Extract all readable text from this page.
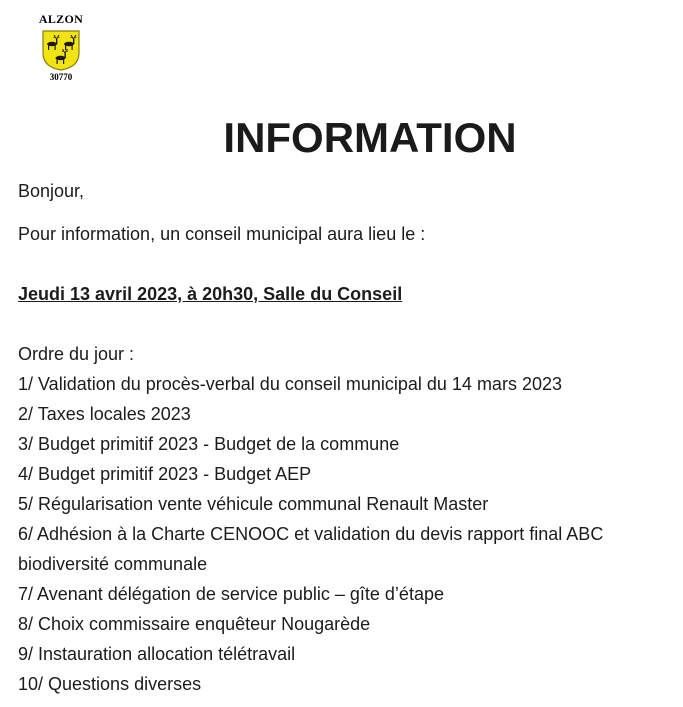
ALZON
30770
INFORMATION
Bonjour,
Pour information, un conseil municipal aura lieu le :
Jeudi 13 avril 2023, à 20h30, Salle du Conseil
Ordre du jour :
1/ Validation du procès-verbal du conseil municipal du 14 mars 2023
2/ Taxes locales 2023
3/ Budget primitif 2023 - Budget de la commune
4/ Budget primitif 2023 - Budget AEP
5/ Régularisation vente véhicule communal Renault Master
6/ Adhésion à la Charte CENOOC et validation du devis rapport final ABC
biodiversité communale
7/ Avenant délégation de service public – gîte d’étape
8/ Choix commissaire enquêteur Nougarède
9/ Instauration allocation télétravail
10/ Questions diverses
